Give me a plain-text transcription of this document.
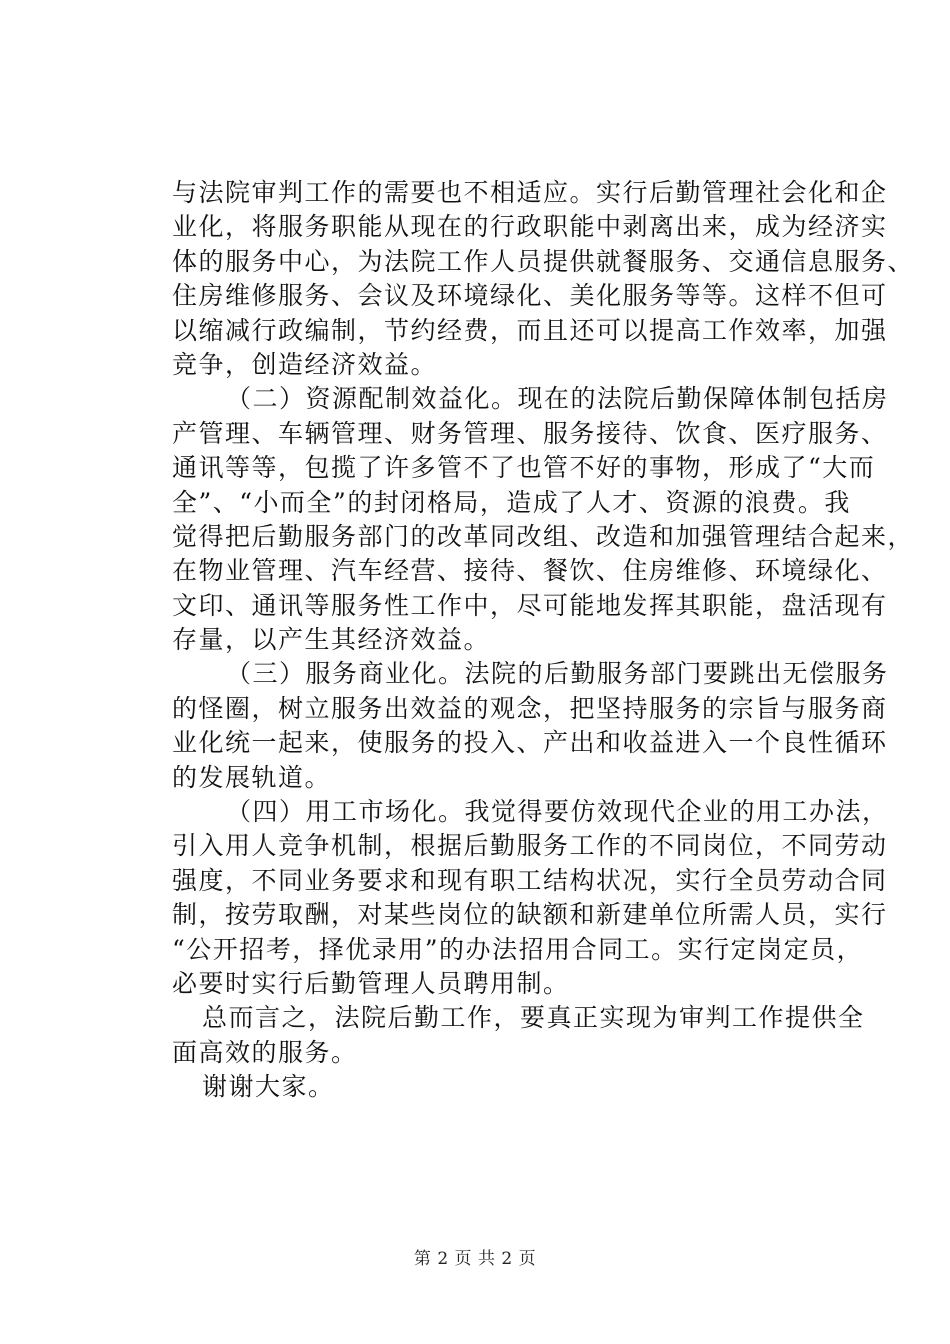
与法院审判工作的需要也不相适应。实行后勤管理社会化和企
业化，将服务职能从现在的行政职能中剥离出来，成为经济实
体的服务中心，为法院工作人员提供就餐服务、交通信息服务、
住房维修服务、会议及环境绿化、美化服务等等。这样不但可
以缩减行政编制，节约经费，而且还可以提高工作效率，加强
竞争，创造经济效益。
（二）资源配制效益化。现在的法院后勤保障体制包括房
产管理、车辆管理、财务管理、服务接待、饮食、医疗服务、
通讯等等，包揽了许多管不了也管不好的事物，形成了“大而
全”、“小而全”的封闭格局，造成了人才、资源的浪费。我
觉得把后勤服务部门的改革同改组、改造和加强管理结合起来，
在物业管理、汽车经营、接待、餐饮、住房维修、环境绿化、
文印、通讯等服务性工作中，尽可能地发挥其职能，盘活现有
存量，以产生其经济效益。
（三）服务商业化。法院的后勤服务部门要跳出无偿服务
的怪圈，树立服务出效益的观念，把坚持服务的宗旨与服务商
业化统一起来，使服务的投入、产出和收益进入一个良性循环
的发展轨道。
（四）用工市场化。我觉得要仿效现代企业的用工办法，
引入用人竞争机制，根据后勤服务工作的不同岗位，不同劳动
强度，不同业务要求和现有职工结构状况，实行全员劳动合同
制，按劳取酬，对某些岗位的缺额和新建单位所需人员，实行
“公开招考，择优录用”的办法招用合同工。实行定岗定员，
必要时实行后勤管理人员聘用制。
总而言之，法院后勤工作，要真正实现为审判工作提供全
面高效的服务。
谢谢大家。
第 2 页 共 2 页
